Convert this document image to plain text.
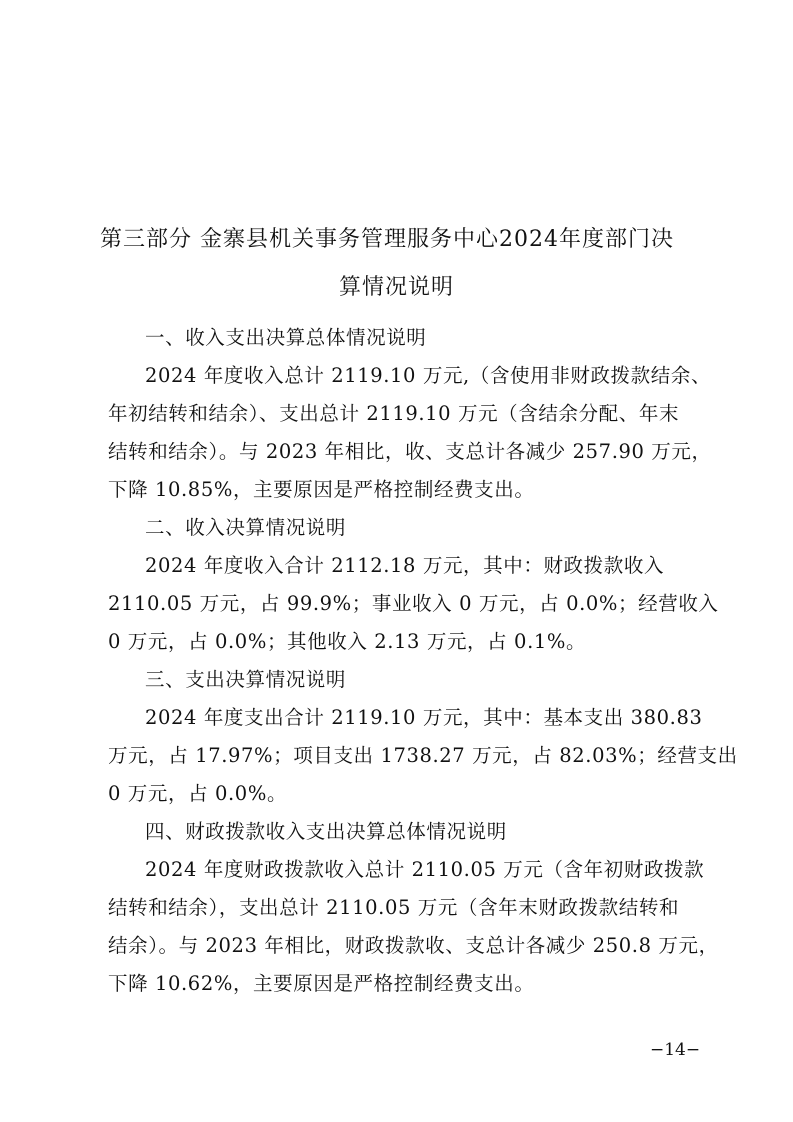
第三部分 金寨县机关事务管理服务中心2024年度部门决
算情况说明
一、收入支出决算总体情况说明
2024 年度收入总计 2119.10 万元,（含使用非财政拨款结余、
年初结转和结余）、支出总计 2119.10 万元（含结余分配、年末
结转和结余）。与 2023 年相比，收、支总计各减少 257.90 万元，
下降 10.85%，主要原因是严格控制经费支出。
二、收入决算情况说明
2024 年度收入合计 2112.18 万元，其中：财政拨款收入
2110.05 万元，占 99.9%；事业收入 0 万元，占 0.0%；经营收入
0 万元，占 0.0%；其他收入 2.13 万元，占 0.1%。
三、支出决算情况说明
2024 年度支出合计 2119.10 万元，其中：基本支出 380.83
万元，占 17.97%；项目支出 1738.27 万元，占 82.03%；经营支出
0 万元，占 0.0%。
四、财政拨款收入支出决算总体情况说明
2024 年度财政拨款收入总计 2110.05 万元（含年初财政拨款
结转和结余），支出总计 2110.05 万元（含年末财政拨款结转和
结余）。与 2023 年相比，财政拨款收、支总计各减少 250.8 万元，
下降 10.62%，主要原因是严格控制经费支出。
−14−
